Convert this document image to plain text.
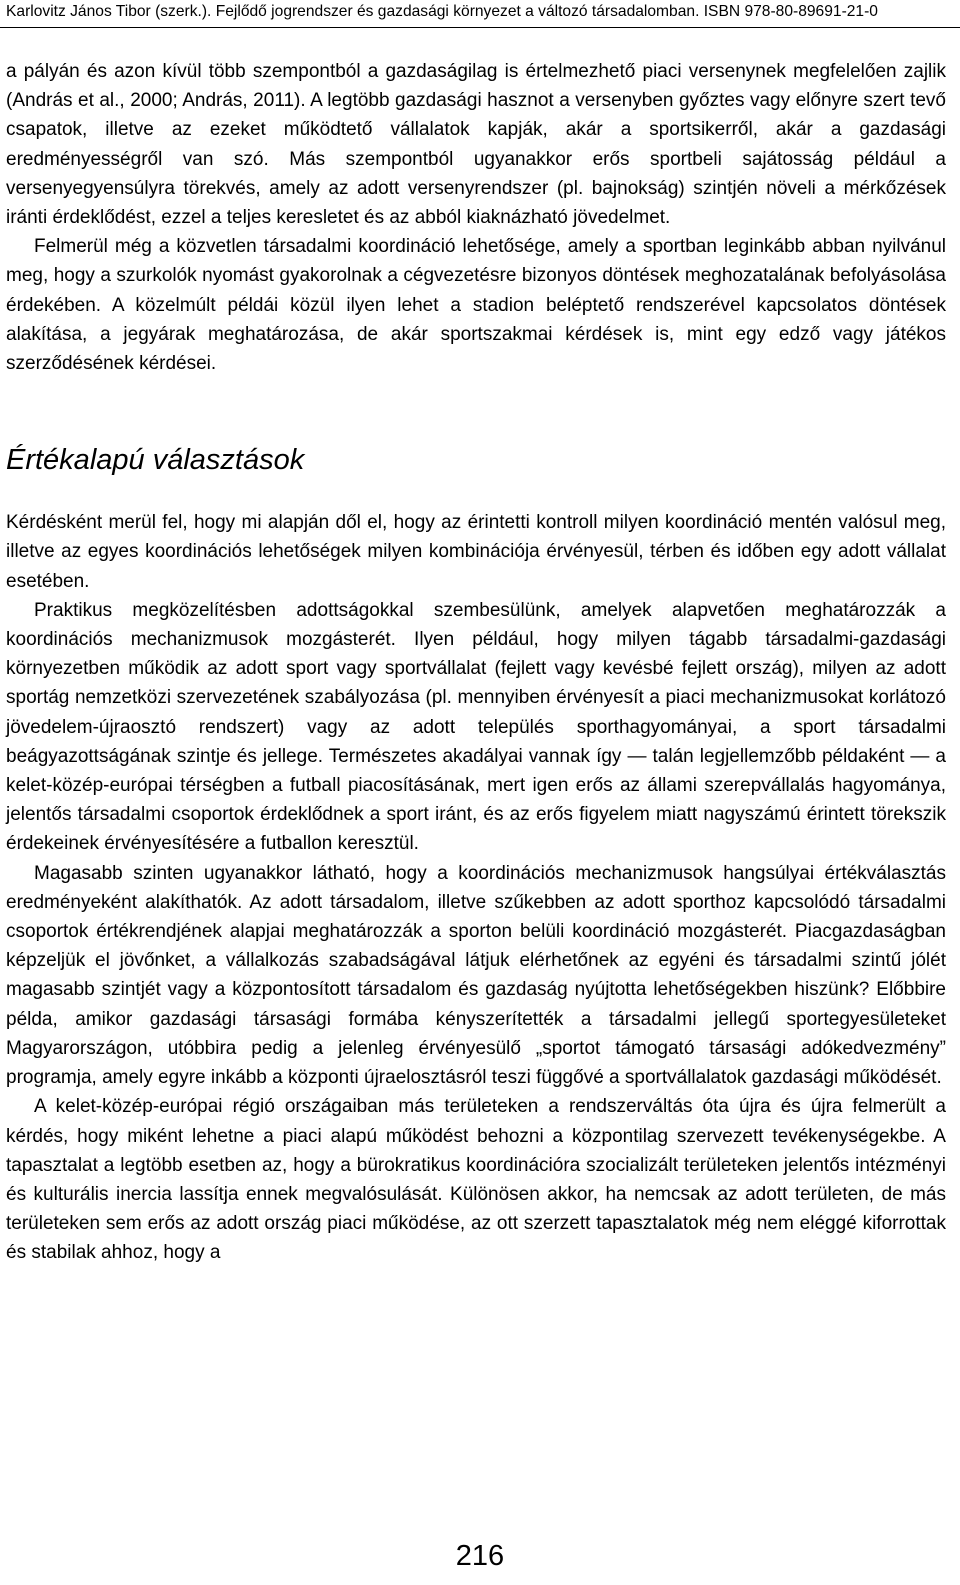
Karlovitz János Tibor (szerk.). Fejlődő jogrendszer és gazdasági környezet a változó társadalomban. ISBN 978-80-89691-21-0

a pályán és azon kívül több szempontból a gazdaságilag is értelmezhető piaci versenynek megfelelően zajlik (András et al., 2000; András, 2011). A legtöbb gazdasági hasznot a versenyben győztes vagy előnyre szert tevő csapatok, illetve az ezeket működtető vállalatok kapják, akár a sportsikerről, akár a gazdasági eredményességről van szó. Más szempontból ugyanakkor erős sportbeli sajátosság például a versenyegyensúlyra törekvés, amely az adott versenyrendszer (pl. bajnokság) szintjén növeli a mérkőzések iránti érdeklődést, ezzel a teljes keresletet és az abból kiaknázható jövedelmet.

Felmerül még a közvetlen társadalmi koordináció lehetősége, amely a sportban leginkább abban nyilvánul meg, hogy a szurkolók nyomást gyakorolnak a cégvezetésre bizonyos döntések meghozatalának befolyásolása érdekében. A közelmúlt példái közül ilyen lehet a stadion beléptető rendszerével kapcsolatos döntések alakítása, a jegyárak meghatározása, de akár sportszakmai kérdések is, mint egy edző vagy játékos szerződésének kérdései.

Értékalapú választások

Kérdésként merül fel, hogy mi alapján dől el, hogy az érintetti kontroll milyen koordináció mentén valósul meg, illetve az egyes koordinációs lehetőségek milyen kombinációja érvényesül, térben és időben egy adott vállalat esetében.

Praktikus megközelítésben adottságokkal szembesülünk, amelyek alapvetően meghatározzák a koordinációs mechanizmusok mozgásterét. Ilyen például, hogy milyen tágabb társadalmi-gazdasági környezetben működik az adott sport vagy sportvállalat (fejlett vagy kevésbé fejlett ország), milyen az adott sportág nemzetközi szervezetének szabályozása (pl. mennyiben érvényesít a piaci mechanizmusokat korlátozó jövedelem-újraosztó rendszert) vagy az adott település sporthagyományai, a sport társadalmi beágyazottságának szintje és jellege. Természetes akadályai vannak így — talán legjellemzőbb példaként — a kelet-közép-európai térségben a futball piacosításának, mert igen erős az állami szerepvállalás hagyománya, jelentős társadalmi csoportok érdeklődnek a sport iránt, és az erős figyelem miatt nagyszámú érintett törekszik érdekeinek érvényesítésére a futballon keresztül.

Magasabb szinten ugyanakkor látható, hogy a koordinációs mechanizmusok hangsúlyai értékválasztás eredményeként alakíthatók. Az adott társadalom, illetve szűkebben az adott sporthoz kapcsolódó társadalmi csoportok értékrendjének alapjai meghatározzák a sporton belüli koordináció mozgásterét. Piacgazdaságban képzeljük el jövőnket, a vállalkozás szabadságával látjuk elérhetőnek az egyéni és társadalmi szintű jólét magasabb szintjét vagy a központosított társadalom és gazdaság nyújtotta lehetőségekben hiszünk? Előbbire példa, amikor gazdasági társasági formába kényszerítették a társadalmi jellegű sportegyesületeket Magyarországon, utóbbira pedig a jelenleg érvényesülő „sportot támogató társasági adókedvezmény” programja, amely egyre inkább a központi újraelosztásról teszi függővé a sportvállalatok gazdasági működését.

A kelet-közép-európai régió országaiban más területeken a rendszerváltás óta újra és újra felmerült a kérdés, hogy miként lehetne a piaci alapú működést behozni a központilag szervezett tevékenységekbe. A tapasztalat a legtöbb esetben az, hogy a bürokratikus koordinációra szocializált területeken jelentős intézményi és kulturális inercia lassítja ennek megvalósulását. Különösen akkor, ha nemcsak az adott területen, de más területeken sem erős az adott ország piaci működése, az ott szerzett tapasztalatok még nem eléggé kiforrottak és stabilak ahhoz, hogy a

216
